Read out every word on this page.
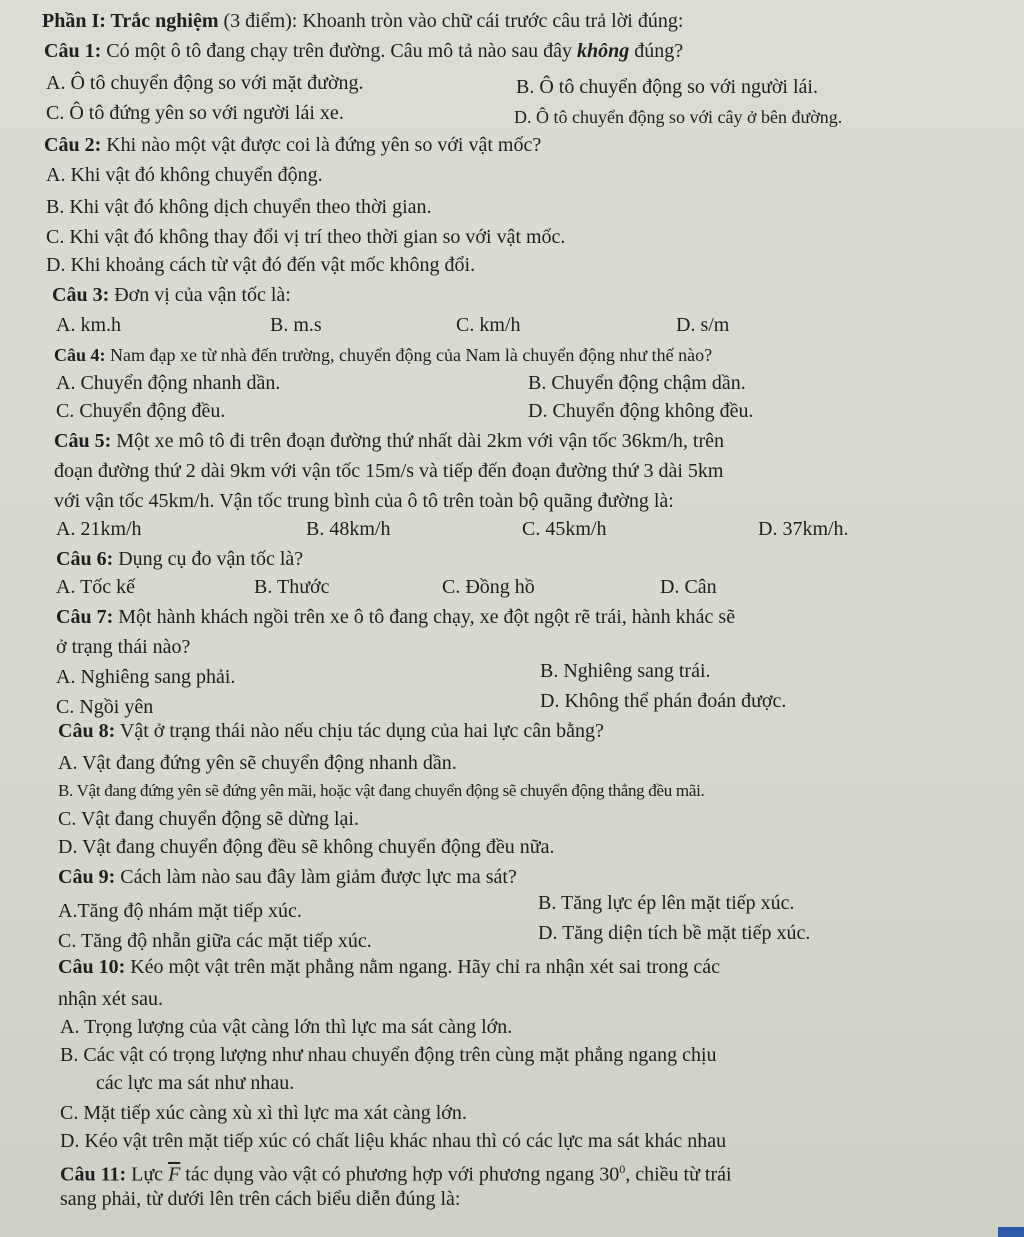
Phần I: Trắc nghiệm (3 điểm): Khoanh tròn vào chữ cái trước câu trả lời đúng:
Câu 1: Có một ô tô đang chạy trên đường. Câu mô tả nào sau đây không đúng?
A. Ô tô chuyển động so với mặt đường.	B. Ô tô chuyển động so với người lái.
C. Ô tô đứng yên so với người lái xe.	D. Ô tô chuyển động so với cây ở bên đường.
Câu 2: Khi nào một vật được coi là đứng yên so với vật mốc?
A. Khi vật đó không chuyển động.
B. Khi vật đó không dịch chuyển theo thời gian.
C. Khi vật đó không thay đổi vị trí theo thời gian so với vật mốc.
D. Khi khoảng cách từ vật đó đến vật mốc không đổi.
Câu 3: Đơn vị của vận tốc là:
A. km.h	B. m.s	C. km/h	D. s/m
Câu 4: Nam đạp xe từ nhà đến trường, chuyển động của Nam là chuyển động như thế nào?
A. Chuyển động nhanh dần.	B. Chuyển động chậm dần.
C. Chuyển động đều.	D. Chuyển động không đều.
Câu 5: Một xe mô tô đi trên đoạn đường thứ nhất dài 2km với vận tốc 36km/h, trên
đoạn đường thứ 2 dài 9km với vận tốc 15m/s và tiếp đến đoạn đường thứ 3 dài 5km
với vận tốc 45km/h. Vận tốc trung bình của ô tô trên toàn bộ quãng đường là:
A. 21km/h	B. 48km/h	C. 45km/h	D. 37km/h.
Câu 6: Dụng cụ đo vận tốc là?
A. Tốc kế	B. Thước	C. Đồng hồ	D. Cân
Câu 7: Một hành khách ngồi trên xe ô tô đang chạy, xe đột ngột rẽ trái, hành khác sẽ
ở trạng thái nào?
A. Nghiêng sang phải.	B. Nghiêng sang trái.
C. Ngồi yên	D. Không thể phán đoán được.
Câu 8: Vật ở trạng thái nào nếu chịu tác dụng của hai lực cân bằng?
A. Vật đang đứng yên sẽ chuyển động nhanh dần.
B. Vật đang đứng yên sẽ đứng yên mãi, hoặc vật đang chuyển động sẽ chuyển động thẳng đều mãi.
C. Vật đang chuyển động sẽ dừng lại.
D. Vật đang chuyển động đều sẽ không chuyển động đều nữa.
Câu 9: Cách làm nào sau đây làm giảm được lực ma sát?
A.Tăng độ nhám mặt tiếp xúc.	B. Tăng lực ép lên mặt tiếp xúc.
C. Tăng độ nhẵn giữa các mặt tiếp xúc.	D. Tăng diện tích bề mặt tiếp xúc.
Câu 10: Kéo một vật trên mặt phẳng nằm ngang. Hãy chỉ ra nhận xét sai trong các
nhận xét sau.
A. Trọng lượng của vật càng lớn thì lực ma sát càng lớn.
B. Các vật có trọng lượng như nhau chuyển động trên cùng mặt phẳng ngang chịu
các lực ma sát như nhau.
C. Mặt tiếp xúc càng xù xì thì lực ma xát càng lớn.
D. Kéo vật trên mặt tiếp xúc có chất liệu khác nhau thì có các lực ma sát khác nhau
Câu 11: Lực $\overline{F}$ tác dụng vào vật có phương hợp với phương ngang $30^0$, chiều từ trái
sang phải, từ dưới lên trên cách biểu diễn đúng là:
